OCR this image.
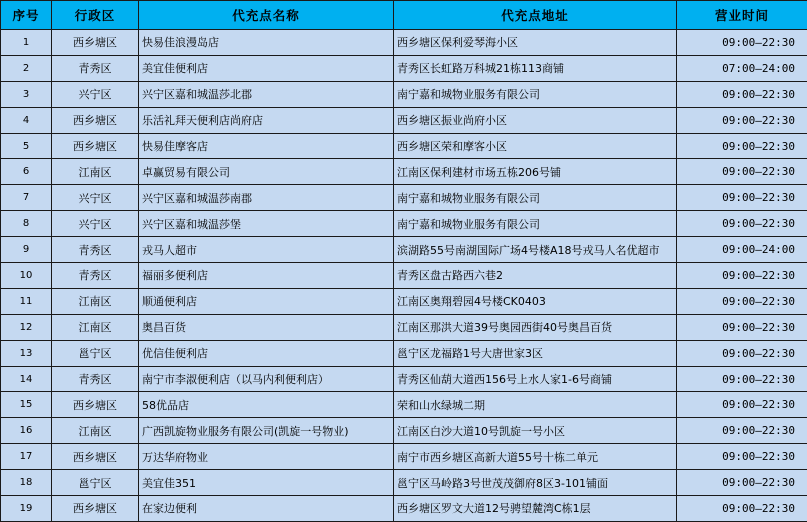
序号	行政区	代充点名称	代充点地址	营业时间
1	西乡塘区	快易佳浪漫岛店	西乡塘区保利爱琴海小区	09:00–22:30
2	青秀区	美宜佳便利店	青秀区长虹路万科城21栋113商铺	07:00–24:00
3	兴宁区	兴宁区嘉和城温莎北郡	南宁嘉和城物业服务有限公司	09:00–22:30
4	西乡塘区	乐活礼拜天便利店尚府店	西乡塘区振业尚府小区	09:00–22:30
5	西乡塘区	快易佳摩客店	西乡塘区荣和摩客小区	09:00–22:30
6	江南区	卓赢贸易有限公司	江南区保利建材市场五栋206号铺	09:00–22:30
7	兴宁区	兴宁区嘉和城温莎南郡	南宁嘉和城物业服务有限公司	09:00–22:30
8	兴宁区	兴宁区嘉和城温莎堡	南宁嘉和城物业服务有限公司	09:00–22:30
9	青秀区	戎马人超市	滨湖路55号南湖国际广场4号楼A18号戎马人名优超市	09:00–24:00
10	青秀区	福丽多便利店	青秀区盘古路西六巷2	09:00–22:30
11	江南区	顺通便利店	江南区奥翔碧园4号楼CK0403	09:00–22:30
12	江南区	奥昌百货	江南区那洪大道39号奥园西街40号奥昌百货	09:00–22:30
13	邕宁区	优信佳便利店	邕宁区龙福路1号大唐世家3区	09:00–22:30
14	青秀区	南宁市李淑便利店（以马内利便利店）	青秀区仙葫大道西156号上水人家1-6号商铺	09:00–22:30
15	西乡塘区	58优品店	荣和山水绿城二期	09:00–22:30
16	江南区	广西凯旋物业服务有限公司(凯旋一号物业)	江南区白沙大道10号凯旋一号小区	09:00–22:30
17	西乡塘区	万达华府物业	南宁市西乡塘区高新大道55号十栋二单元	09:00–22:30
18	邕宁区	美宜佳351	邕宁区马岭路3号世茂茂御府8区3-101铺面	09:00–22:30
19	西乡塘区	在家边便利	西乡塘区罗文大道12号骋望麓湾C栋1层	09:00–22:30
